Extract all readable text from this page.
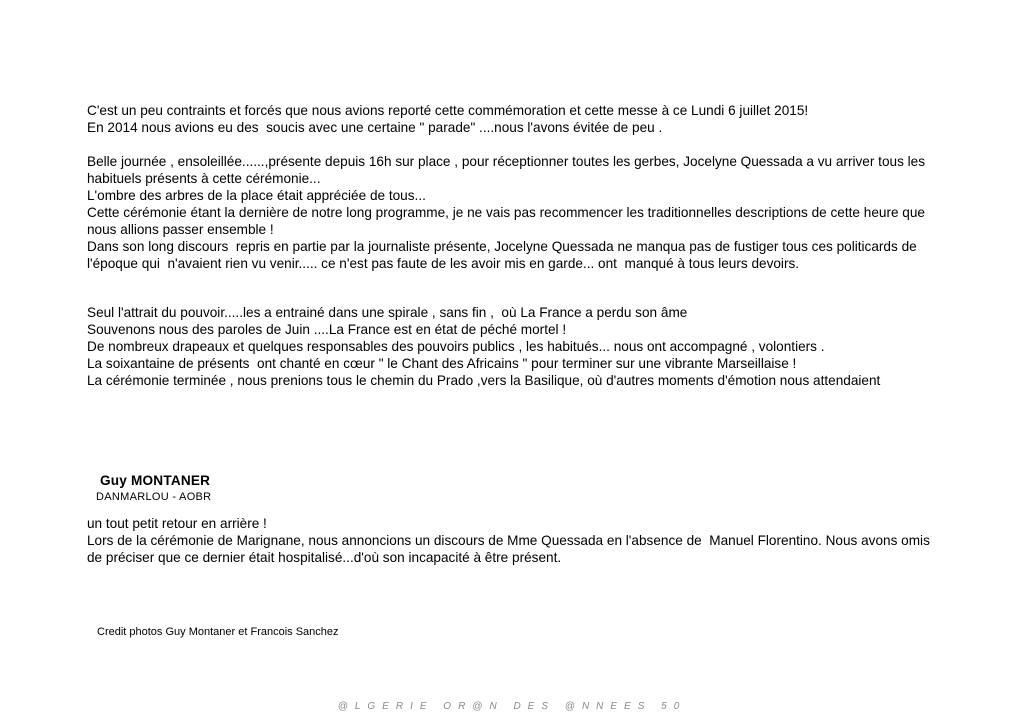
C'est un peu contraints et forcés que nous avions reporté cette commémoration et cette messe à ce Lundi 6 juillet 2015!

En 2014 nous avions eu des  soucis avec une certaine " parade" ....nous l'avons évitée de peu .

Belle journée , ensoleillée......,présente depuis 16h sur place , pour réceptionner toutes les gerbes, Jocelyne Quessada a vu arriver tous les habituels présents à cette cérémonie...

L'ombre des arbres de la place était appréciée de tous...

Cette cérémonie étant la dernière de notre long programme, je ne vais pas recommencer les traditionnelles descriptions de cette heure que nous allions passer ensemble !

Dans son long discours  repris en partie par la journaliste présente, Jocelyne Quessada ne manqua pas de fustiger tous ces politicards de l'époque qui  n'avaient rien vu venir..... ce n'est pas faute de les avoir mis en garde... ont  manqué à tous leurs devoirs.

Seul l'attrait du pouvoir.....les a entrainé dans une spirale , sans fin ,  où La France a perdu son âme

Souvenons nous des paroles de Juin ....La France est en état de péché mortel !

De nombreux drapeaux et quelques responsables des pouvoirs publics , les habitués... nous ont accompagné , volontiers .

La soixantaine de présents  ont chanté en cœur " le Chant des Africains " pour terminer sur une vibrante Marseillaise !

La cérémonie terminée , nous prenions tous le chemin du Prado ,vers la Basilique, où d'autres moments d'émotion nous attendaient

Guy MONTANER
DANMARLOU - AOBR

un tout petit retour en arrière !

Lors de la cérémonie de Marignane, nous annoncions un discours de Mme Quessada en l'absence de  Manuel Florentino. Nous avons omis de préciser que ce dernier était hospitalisé...d'où son incapacité à être présent.

Credit photos Guy Montaner et Francois Sanchez
@LGERIE OR@N DES @NNEES 50
